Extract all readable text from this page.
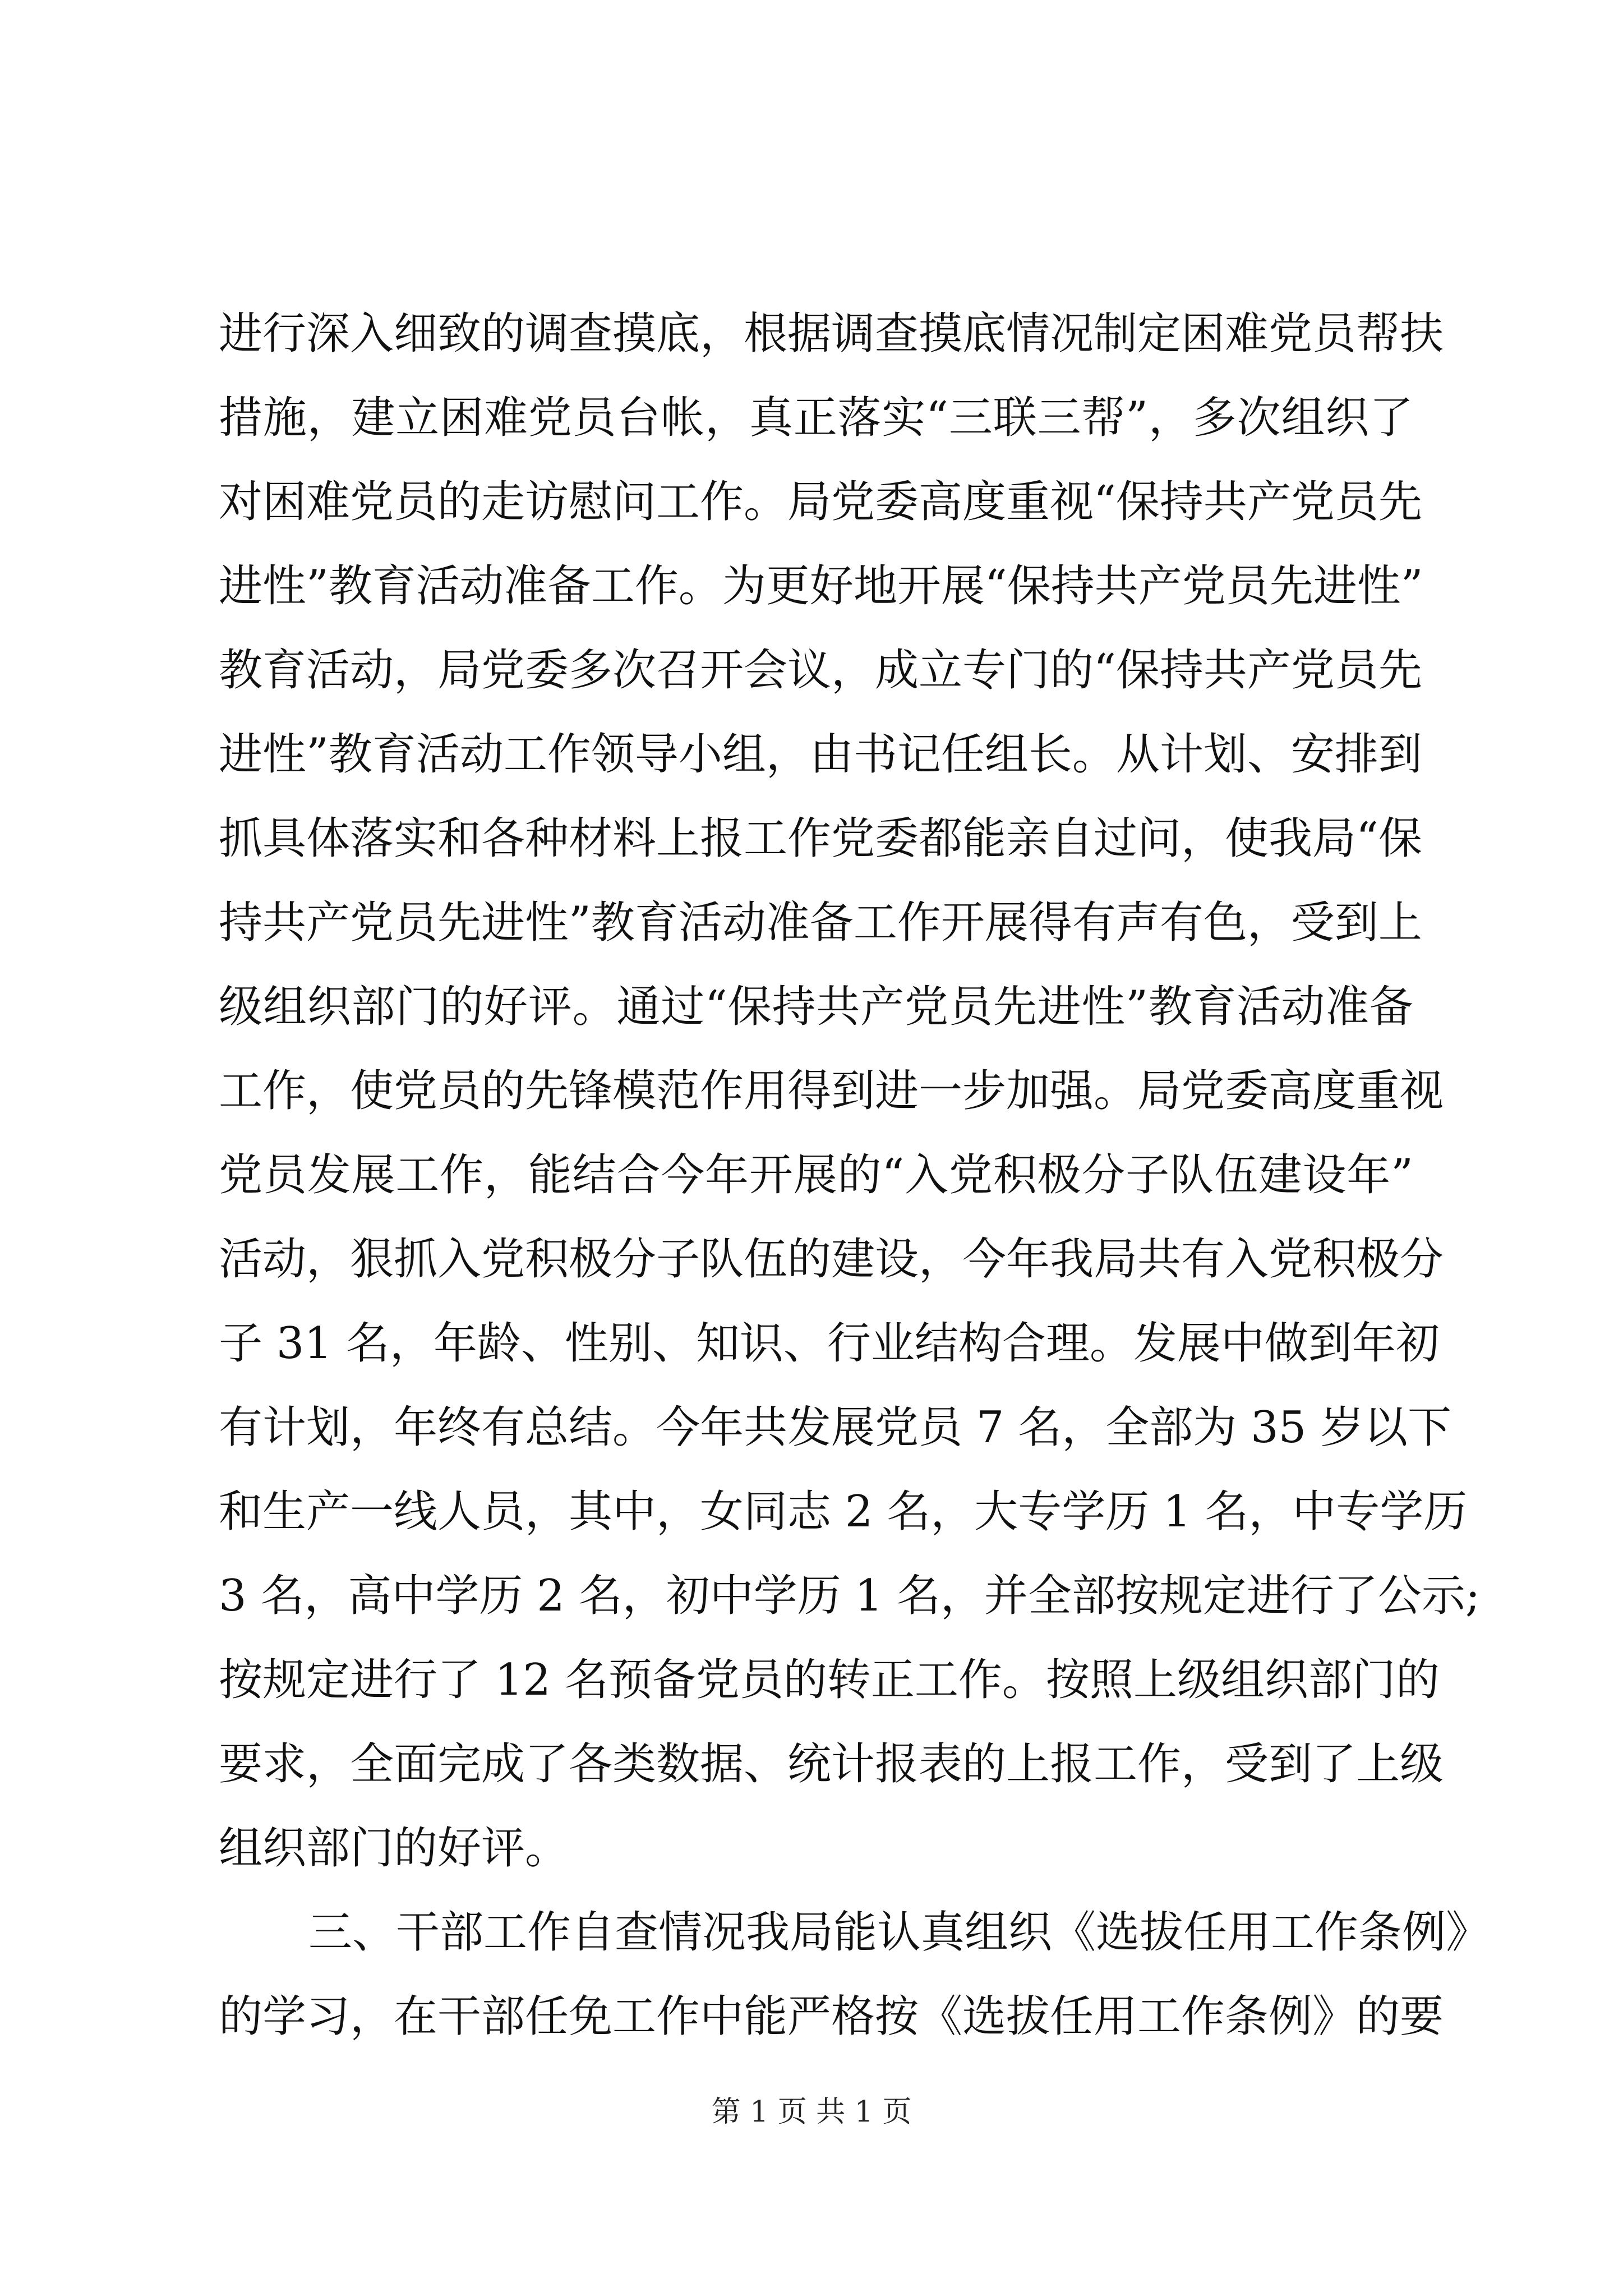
进行深入细致的调查摸底，根据调查摸底情况制定困难党员帮扶
措施，建立困难党员台帐，真正落实“三联三帮”，多次组织了
对困难党员的走访慰问工作。局党委高度重视“保持共产党员先
进性”教育活动准备工作。为更好地开展“保持共产党员先进性”
教育活动，局党委多次召开会议，成立专门的“保持共产党员先
进性”教育活动工作领导小组，由书记任组长。从计划、安排到
抓具体落实和各种材料上报工作党委都能亲自过问，使我局“保
持共产党员先进性”教育活动准备工作开展得有声有色，受到上
级组织部门的好评。通过“保持共产党员先进性”教育活动准备
工作，使党员的先锋模范作用得到进一步加强。局党委高度重视
党员发展工作，能结合今年开展的“入党积极分子队伍建设年”
活动，狠抓入党积极分子队伍的建设，今年我局共有入党积极分
子 31 名，年龄、性别、知识、行业结构合理。发展中做到年初
有计划，年终有总结。今年共发展党员 7 名，全部为 35 岁以下
和生产一线人员，其中，女同志 2 名，大专学历 1 名，中专学历
3 名，高中学历 2 名，初中学历 1 名，并全部按规定进行了公示;
按规定进行了 12 名预备党员的转正工作。按照上级组织部门的
要求，全面完成了各类数据、统计报表的上报工作，受到了上级
组织部门的好评。
三、干部工作自查情况我局能认真组织《选拔任用工作条例》
的学习，在干部任免工作中能严格按《选拔任用工作条例》的要
第 1 页 共 1 页
